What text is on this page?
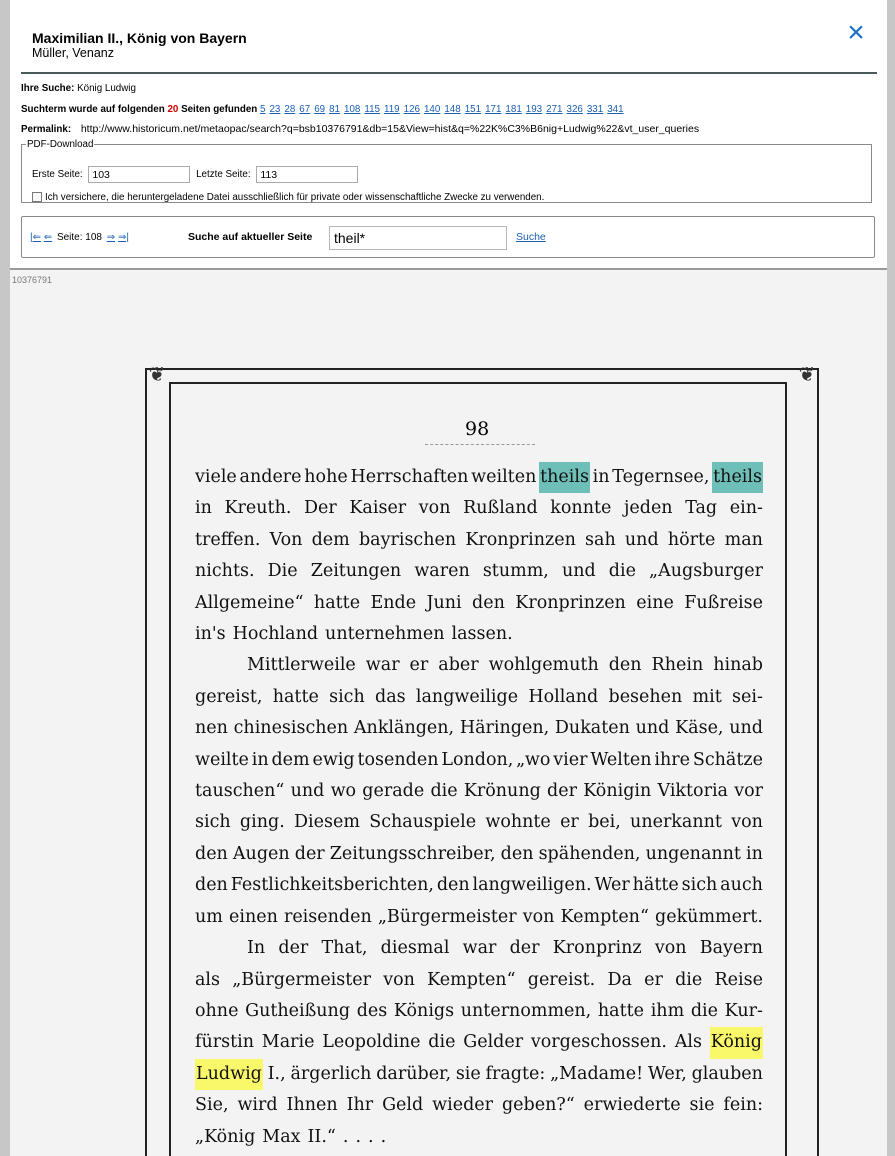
Maximilian II., König von Bayern
Müller, Venanz
×
Ihre Suche: König Ludwig
Suchterm wurde auf folgenden 20 Seiten gefunden 5 23 28 67 69 81 108 115 119 126 140 148 151 171 181 193 271 326 331 341
Permalink: http://www.historicum.net/metaopac/search?q=bsb10376791&db=15&View=hist&q=%22K%C3%B6nig+Ludwig%22&vt_user_queries
PDF-Download
Erste Seite: 103	Letzte Seite: 113
Ich versichere, die heruntergeladene Datei ausschließlich für private oder wissenschaftliche Zwecke zu verwenden.
|⇐ ⇐ Seite: 108 ⇒ ⇒|	Suche auf aktueller Seite	theil*	Suche
10376791
❦	❦
98
viele andere hohe Herrschaften weilten theils in Tegernsee, theils
in Kreuth. Der Kaiser von Rußland konnte jeden Tag ein-
treffen. Von dem bayrischen Kronprinzen sah und hörte man
nichts. Die Zeitungen waren stumm, und die „Augsburger
Allgemeine“ hatte Ende Juni den Kronprinzen eine Fußreise
in's Hochland unternehmen lassen.
Mittlerweile war er aber wohlgemuth den Rhein hinab
gereist, hatte sich das langweilige Holland besehen mit sei-
nen chinesischen Anklängen, Häringen, Dukaten und Käse, und
weilte in dem ewig tosenden London, „wo vier Welten ihre Schätze
tauschen“ und wo gerade die Krönung der Königin Viktoria vor
sich ging. Diesem Schauspiele wohnte er bei, unerkannt von
den Augen der Zeitungsschreiber, den spähenden, ungenannt in
den Festlichkeitsberichten, den langweiligen. Wer hätte sich auch
um einen reisenden „Bürgermeister von Kempten“ gekümmert.
In der That, diesmal war der Kronprinz von Bayern
als „Bürgermeister von Kempten“ gereist. Da er die Reise
ohne Gutheißung des Königs unternommen, hatte ihm die Kur-
fürstin Marie Leopoldine die Gelder vorgeschossen. Als König
Ludwig I., ärgerlich darüber, sie fragte: „Madame! Wer, glauben
Sie, wird Ihnen Ihr Geld wieder geben?“ erwiederte sie fein:
„König Max II.“ . . . .
